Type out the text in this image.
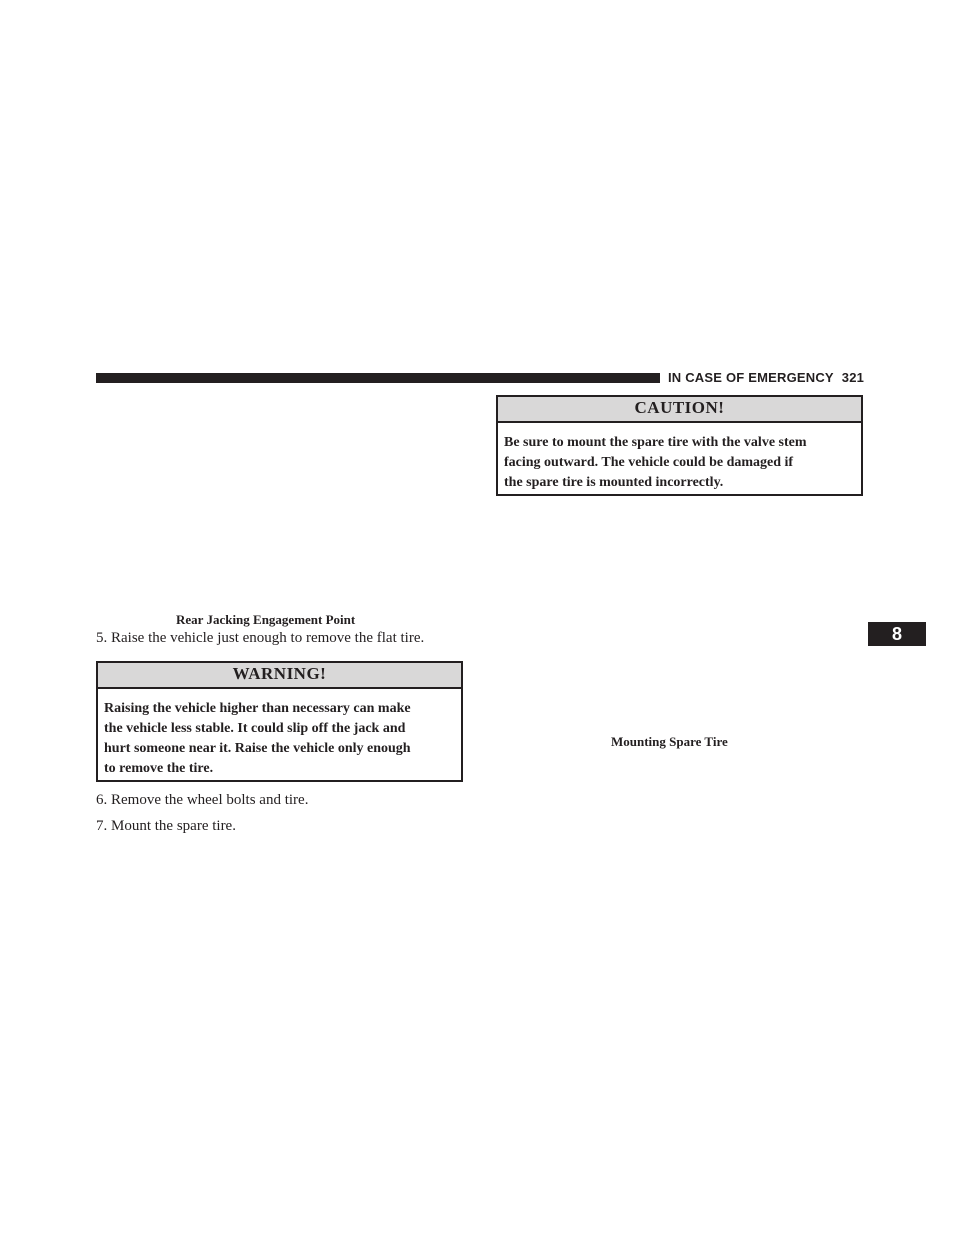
IN CASE OF EMERGENCY 321
8
Rear Jacking Engagement Point
5. Raise the vehicle just enough to remove the flat tire.
WARNING!
Raising the vehicle higher than necessary can make
the vehicle less stable. It could slip off the jack and
hurt someone near it. Raise the vehicle only enough
to remove the tire.
6. Remove the wheel bolts and tire.
7. Mount the spare tire.
CAUTION!
Be sure to mount the spare tire with the valve stem
facing outward. The vehicle could be damaged if
the spare tire is mounted incorrectly.
Mounting Spare Tire
